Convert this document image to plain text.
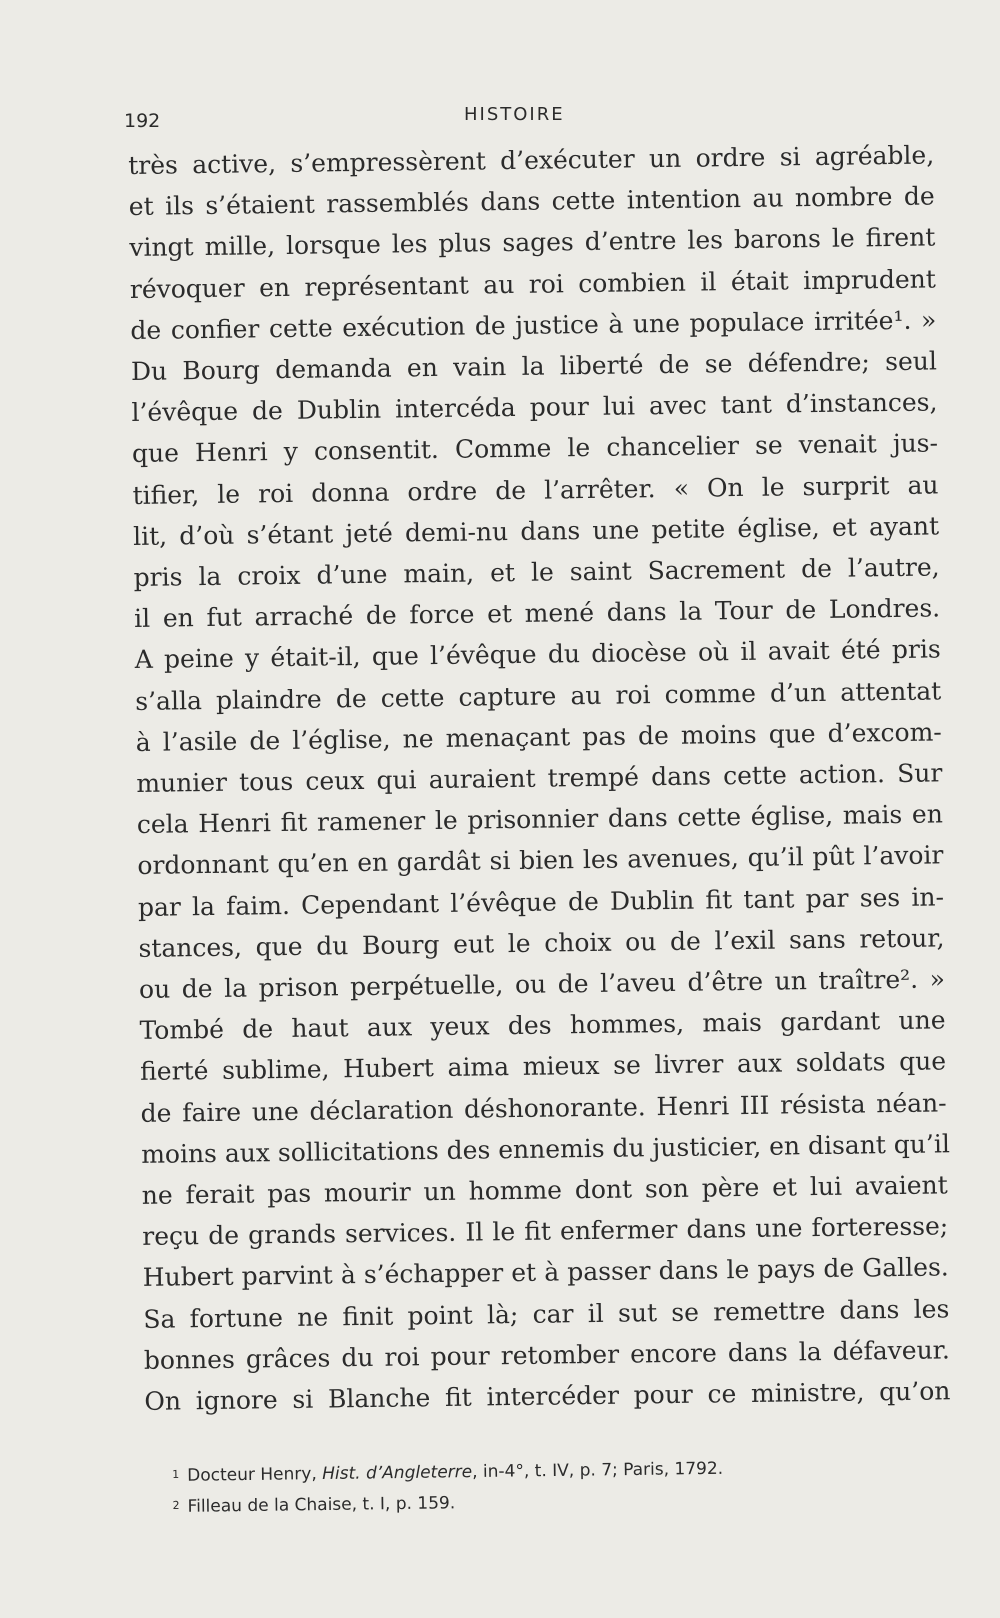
192	HISTOIRE
très active, s’empressèrent d’exécuter un ordre si agréable,
et ils s’étaient rassemblés dans cette intention au nombre de
vingt mille, lorsque les plus sages d’entre les barons le firent
révoquer en représentant au roi combien il était imprudent
de confier cette exécution de justice à une populace irritée¹. »
Du Bourg demanda en vain la liberté de se défendre; seul
l’évêque de Dublin intercéda pour lui avec tant d’instances,
que Henri y consentit. Comme le chancelier se venait jus-
tifier, le roi donna ordre de l’arrêter. « On le surprit au
lit, d’où s’étant jeté demi-nu dans une petite église, et ayant
pris la croix d’une main, et le saint Sacrement de l’autre,
il en fut arraché de force et mené dans la Tour de Londres.
A peine y était-il, que l’évêque du diocèse où il avait été pris
s’alla plaindre de cette capture au roi comme d’un attentat
à l’asile de l’église, ne menaçant pas de moins que d’excom-
munier tous ceux qui auraient trempé dans cette action. Sur
cela Henri fit ramener le prisonnier dans cette église, mais en
ordonnant qu’en en gardât si bien les avenues, qu’il pût l’avoir
par la faim. Cependant l’évêque de Dublin fit tant par ses in-
stances, que du Bourg eut le choix ou de l’exil sans retour,
ou de la prison perpétuelle, ou de l’aveu d’être un traître². »
Tombé de haut aux yeux des hommes, mais gardant une
fierté sublime, Hubert aima mieux se livrer aux soldats que
de faire une déclaration déshonorante. Henri III résista néan-
moins aux sollicitations des ennemis du justicier, en disant qu’il
ne ferait pas mourir un homme dont son père et lui avaient
reçu de grands services. Il le fit enfermer dans une forteresse;
Hubert parvint à s’échapper et à passer dans le pays de Galles.
Sa fortune ne finit point là; car il sut se remettre dans les
bonnes grâces du roi pour retomber encore dans la défaveur.
On ignore si Blanche fit intercéder pour ce ministre, qu’on
1 Docteur Henry, Hist. d’Angleterre, in-4°, t. IV, p. 7; Paris, 1792.
2 Filleau de la Chaise, t. I, p. 159.
